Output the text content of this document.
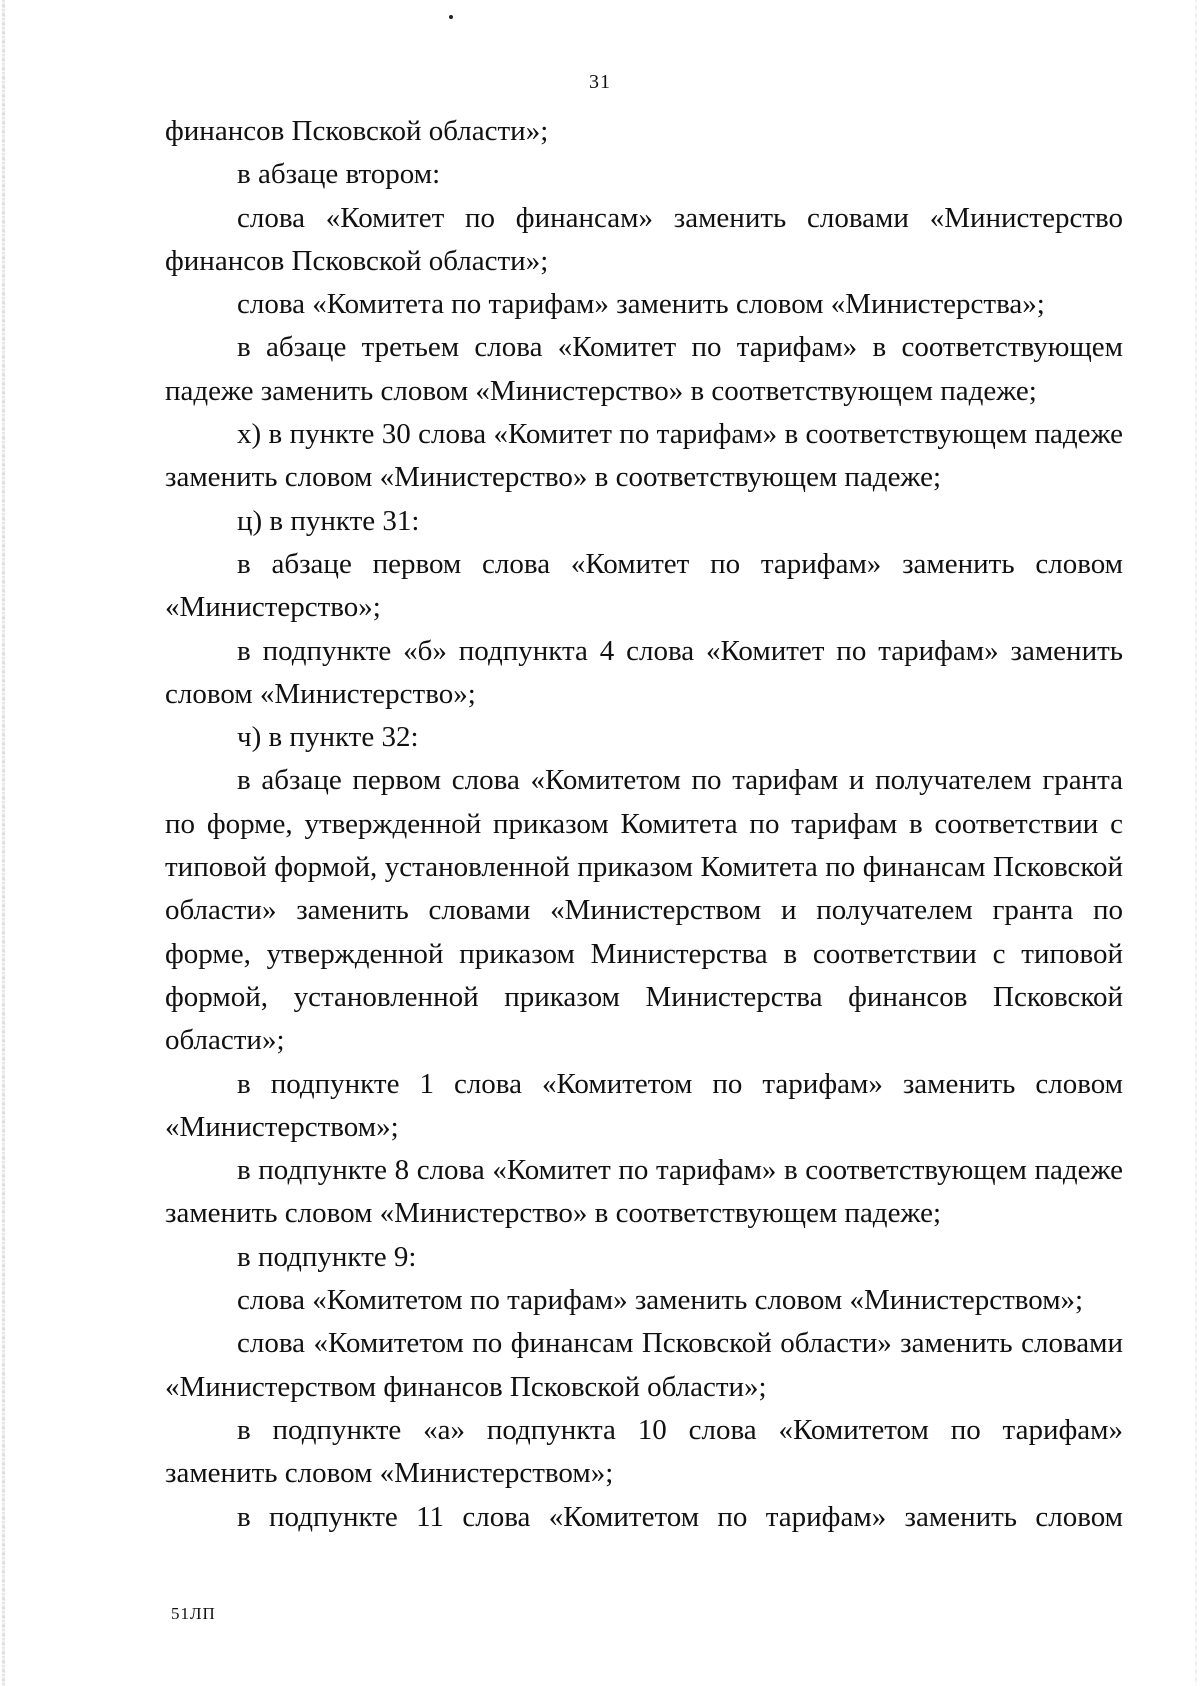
31

финансов Псковской области»;

в абзаце втором:

слова «Комитет по финансам» заменить словами «Министерство финансов Псковской области»;

слова «Комитета по тарифам» заменить словом «Министерства»;

в абзаце третьем слова «Комитет по тарифам» в соответствующем падеже заменить словом «Министерство» в соответствующем падеже;

х) в пункте 30 слова «Комитет по тарифам» в соответствующем падеже заменить словом «Министерство» в соответствующем падеже;

ц) в пункте 31:

в абзаце первом слова «Комитет по тарифам» заменить словом «Министерство»;

в подпункте «б» подпункта 4 слова «Комитет по тарифам» заменить словом «Министерство»;

ч) в пункте 32:

в абзаце первом слова «Комитетом по тарифам и получателем гранта по форме, утвержденной приказом Комитета по тарифам в соответствии с типовой формой, установленной приказом Комитета по финансам Псковской области» заменить словами «Министерством и получателем гранта по форме, утвержденной приказом Министерства в соответствии с типовой формой, установленной приказом Министерства финансов Псковской области»;

в подпункте 1 слова «Комитетом по тарифам» заменить словом «Министерством»;

в подпункте 8 слова «Комитет по тарифам» в соответствующем падеже заменить словом «Министерство» в соответствующем падеже;

в подпункте 9:

слова «Комитетом по тарифам» заменить словом «Министерством»;

слова «Комитетом по финансам Псковской области» заменить словами «Министерством финансов Псковской области»;

в подпункте «а» подпункта 10 слова «Комитетом по тарифам» заменить словом «Министерством»;

в подпункте 11 слова «Комитетом по тарифам» заменить словом

51ЛП
